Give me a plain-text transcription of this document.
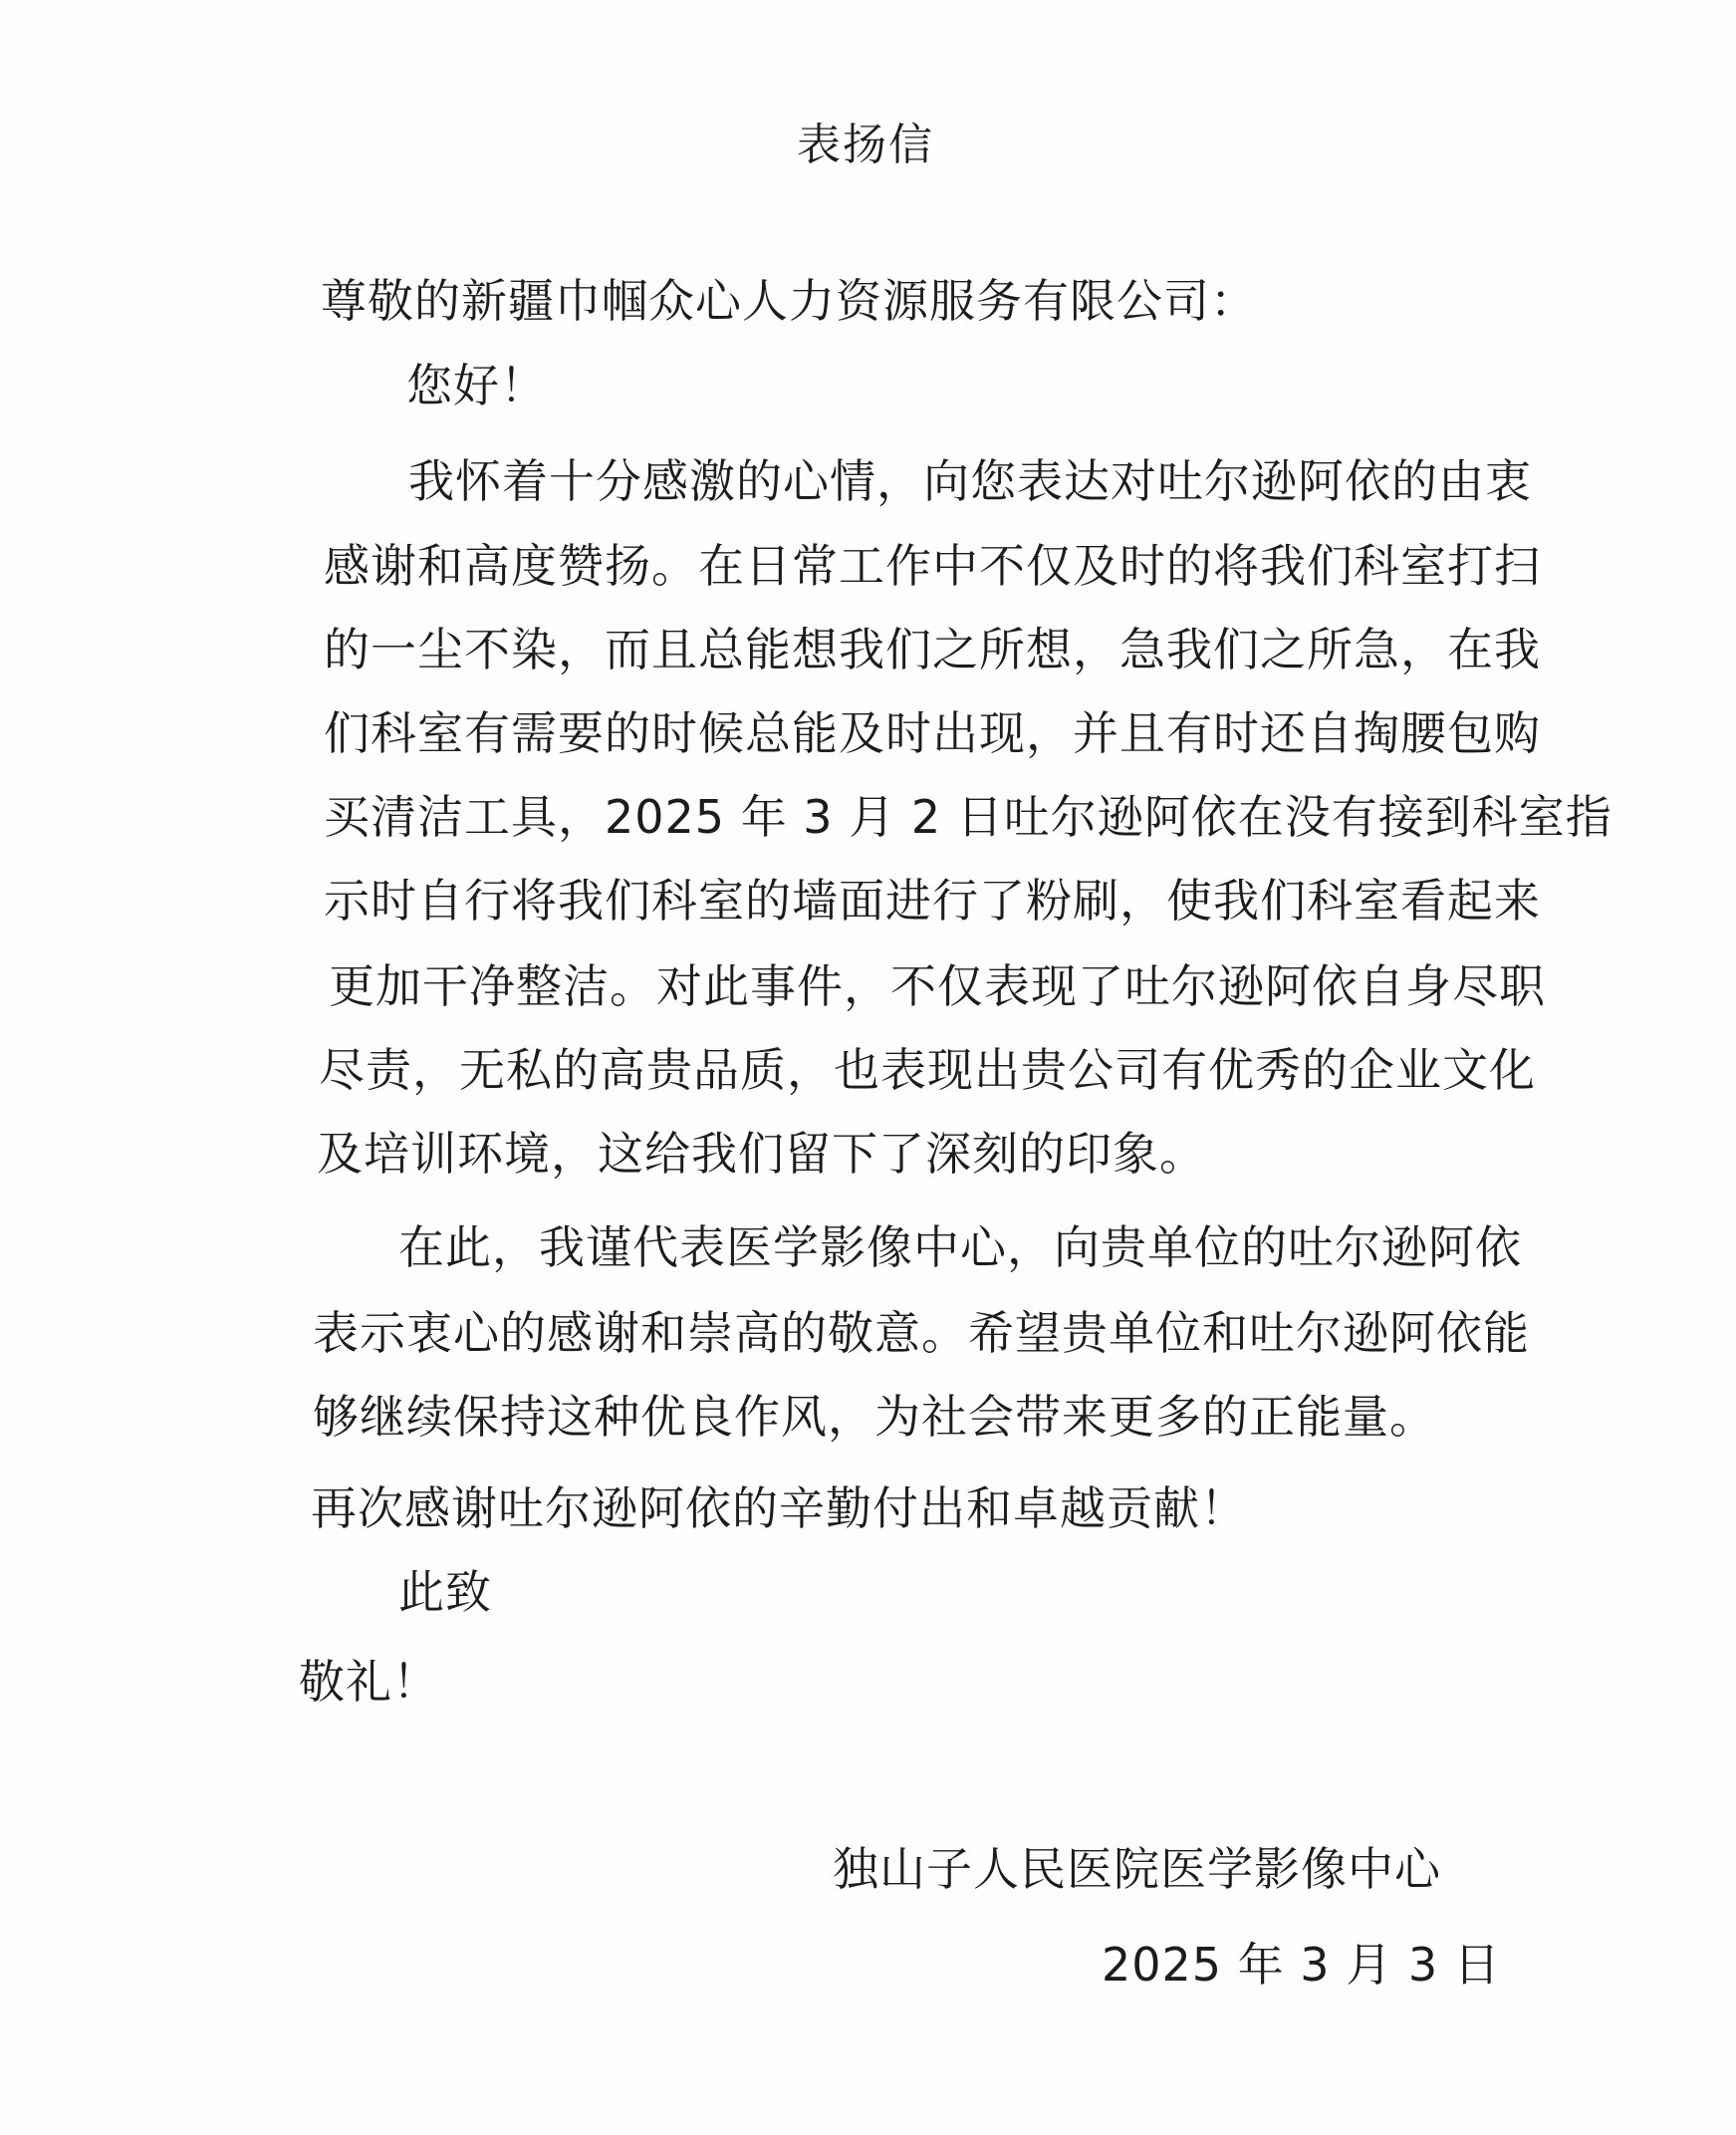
表扬信
尊敬的新疆巾帼众心人力资源服务有限公司：
您好！
我怀着十分感激的心情，向您表达对吐尔逊阿依的由衷
感谢和高度赞扬。在日常工作中不仅及时的将我们科室打扫
的一尘不染，而且总能想我们之所想，急我们之所急，在我
们科室有需要的时候总能及时出现，并且有时还自掏腰包购
买清洁工具，2025 年 3 月 2 日吐尔逊阿依在没有接到科室指
示时自行将我们科室的墙面进行了粉刷，使我们科室看起来
更加干净整洁。对此事件，不仅表现了吐尔逊阿依自身尽职
尽责，无私的高贵品质，也表现出贵公司有优秀的企业文化
及培训环境，这给我们留下了深刻的印象。
在此，我谨代表医学影像中心，向贵单位的吐尔逊阿依
表示衷心的感谢和崇高的敬意。希望贵单位和吐尔逊阿依能
够继续保持这种优良作风，为社会带来更多的正能量。
再次感谢吐尔逊阿依的辛勤付出和卓越贡献！
此致
敬礼！
独山子人民医院医学影像中心
2025 年 3 月 3 日
